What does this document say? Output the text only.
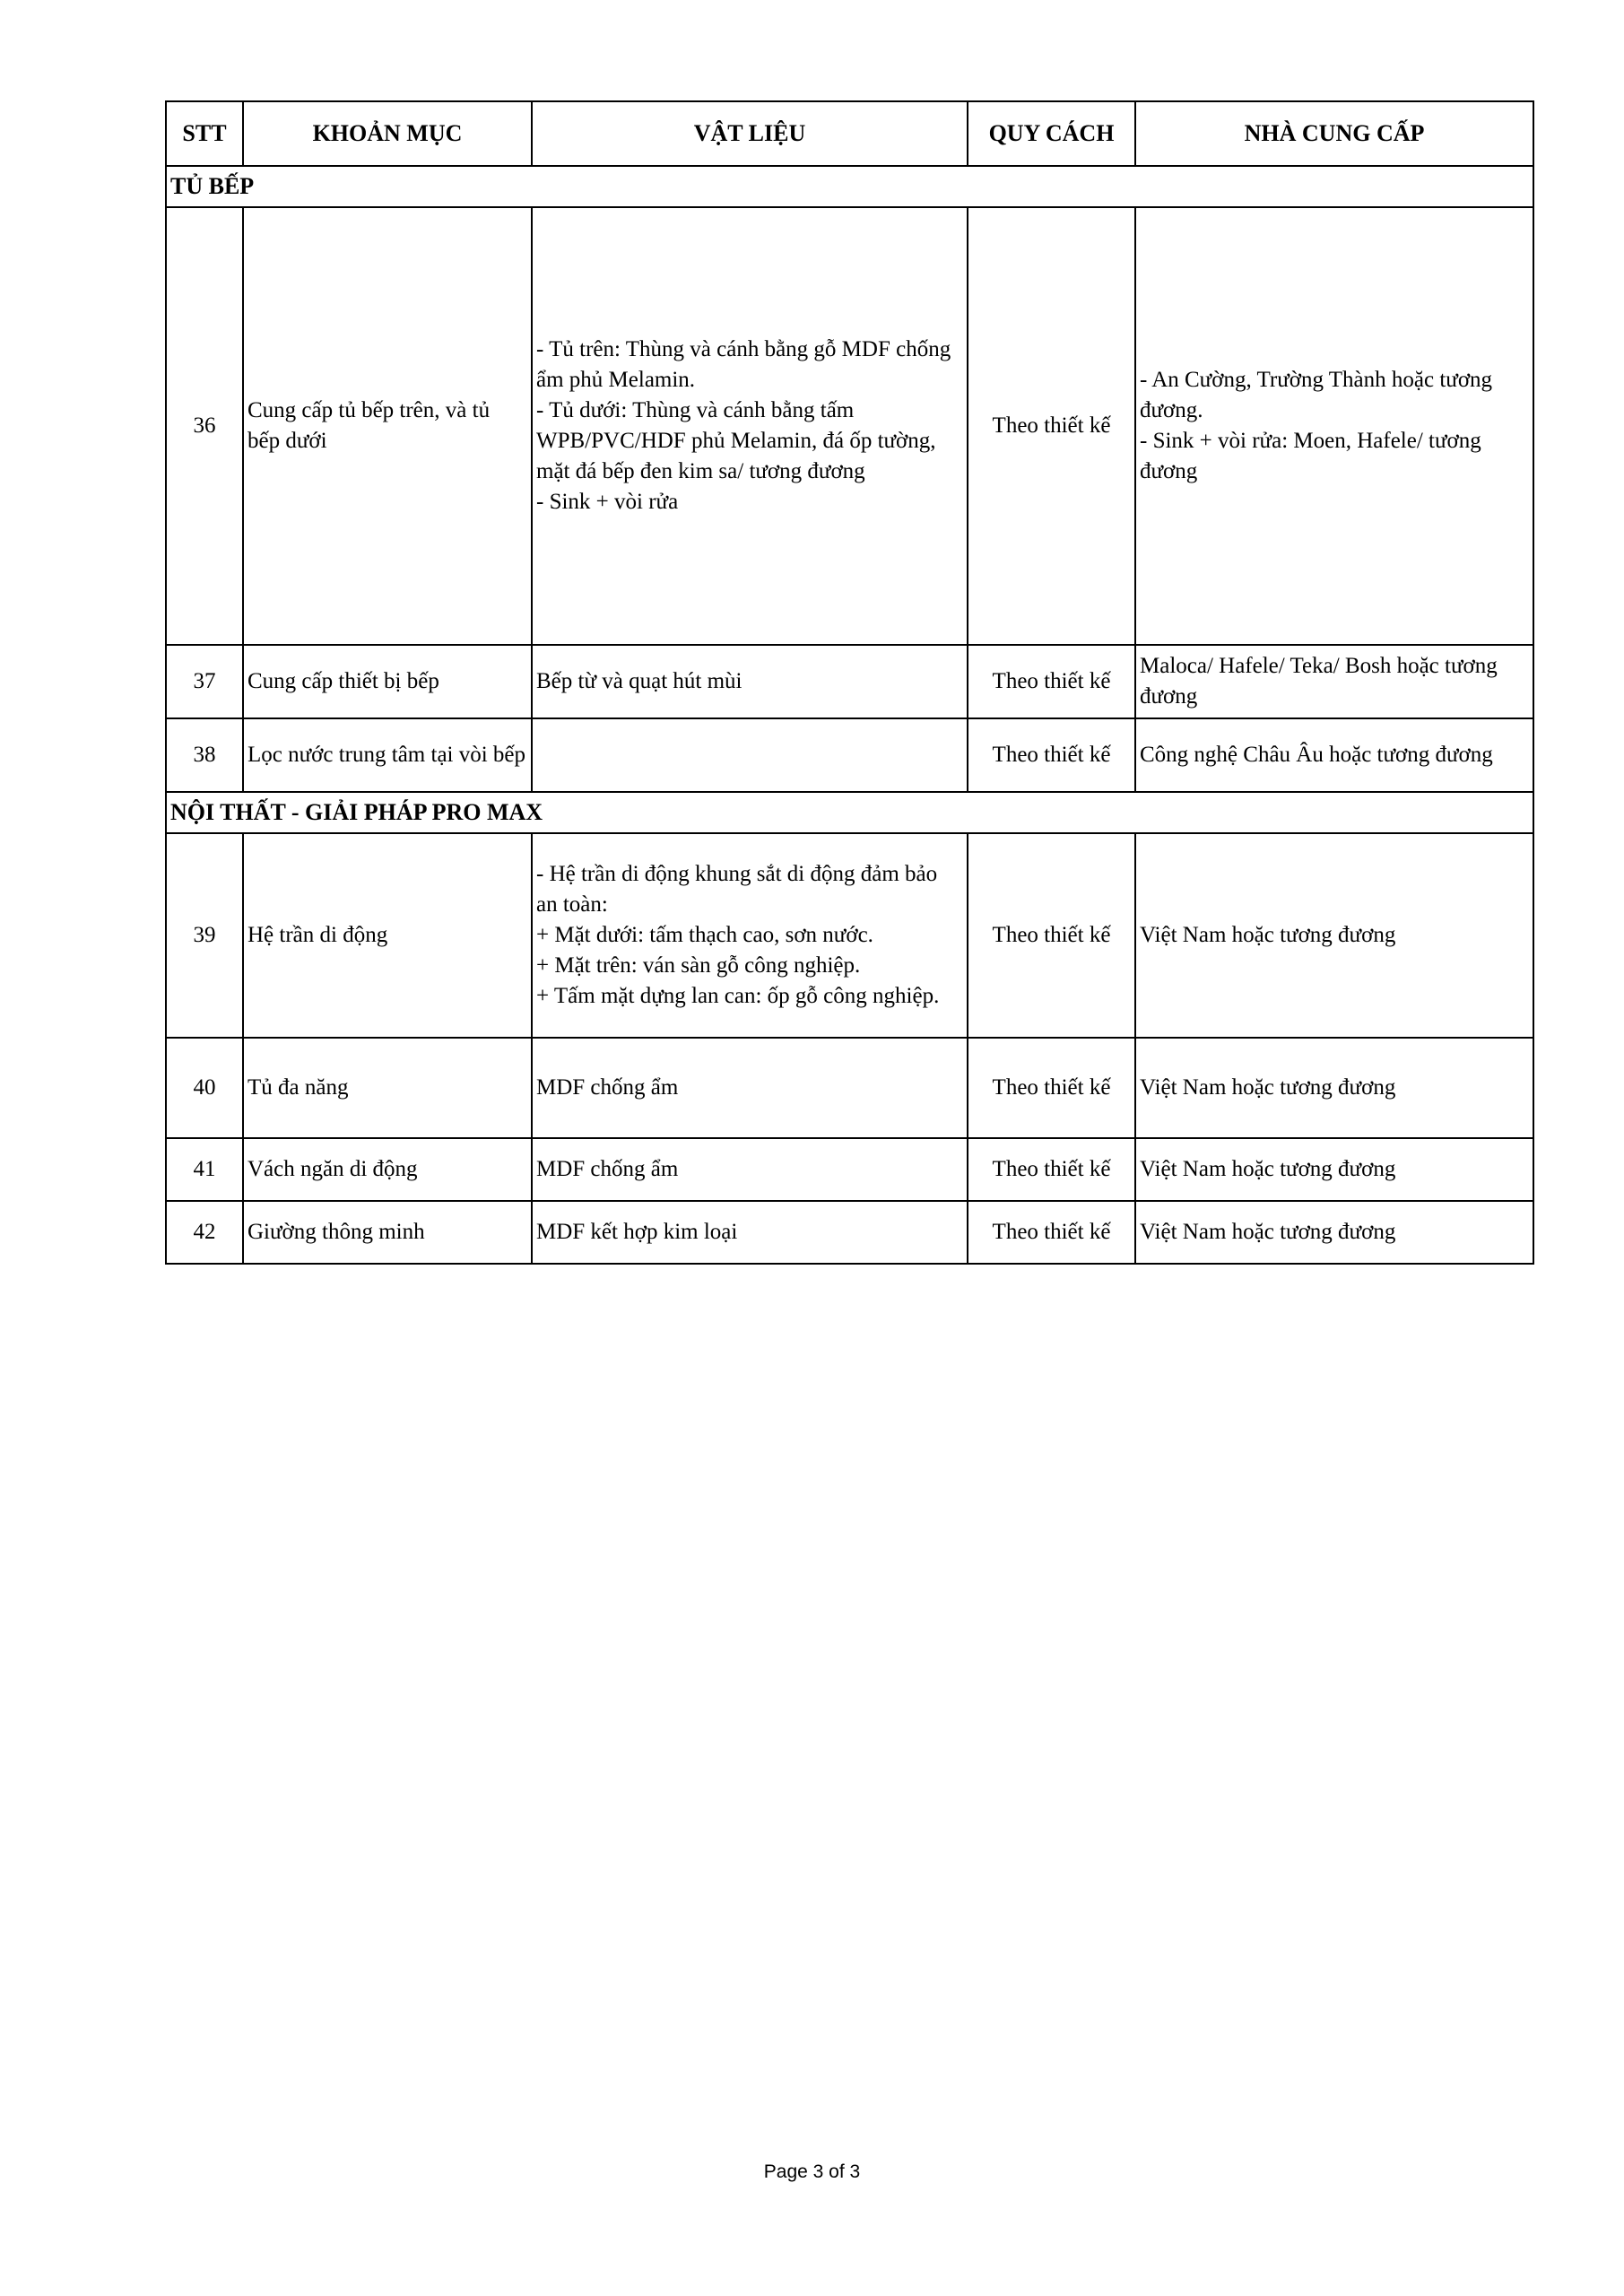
STT	KHOẢN MỤC	VẬT LIỆU	QUY CÁCH	NHÀ CUNG CẤP
TỦ BẾP				
36	Cung cấp tủ bếp trên, và tủ bếp dưới	- Tủ trên: Thùng và cánh bằng gỗ MDF chống ẩm phủ Melamin.
- Tủ dưới: Thùng và cánh bằng tấm WPB/PVC/HDF phủ Melamin, đá ốp tường, mặt đá bếp đen kim sa/ tương đương
- Sink + vòi rửa	Theo thiết kế	- An Cường, Trường Thành hoặc tương đương.
- Sink + vòi rửa: Moen, Hafele/ tương đương
37	Cung cấp thiết bị bếp	Bếp từ và quạt hút mùi	Theo thiết kế	Maloca/ Hafele/ Teka/ Bosh hoặc tương đương
38	Lọc nước trung tâm tại vòi bếp		Theo thiết kế	Công nghệ Châu Âu hoặc tương đương
NỘI THẤT - GIẢI PHÁP PRO MAX				
39	Hệ trần di động	- Hệ trần di động khung sắt di động đảm bảo an toàn:
+ Mặt dưới: tấm thạch cao, sơn nước.
+ Mặt trên: ván sàn gỗ công nghiệp.
+ Tấm mặt dựng lan can: ốp gỗ công nghiệp.	Theo thiết kế	Việt Nam hoặc tương đương
40	Tủ đa năng	MDF chống ẩm	Theo thiết kế	Việt Nam hoặc tương đương
41	Vách ngăn di động	MDF chống ẩm	Theo thiết kế	Việt Nam hoặc tương đương
42	Giường thông minh	MDF kết hợp kim loại	Theo thiết kế	Việt Nam hoặc tương đương
Page 3 of 3
